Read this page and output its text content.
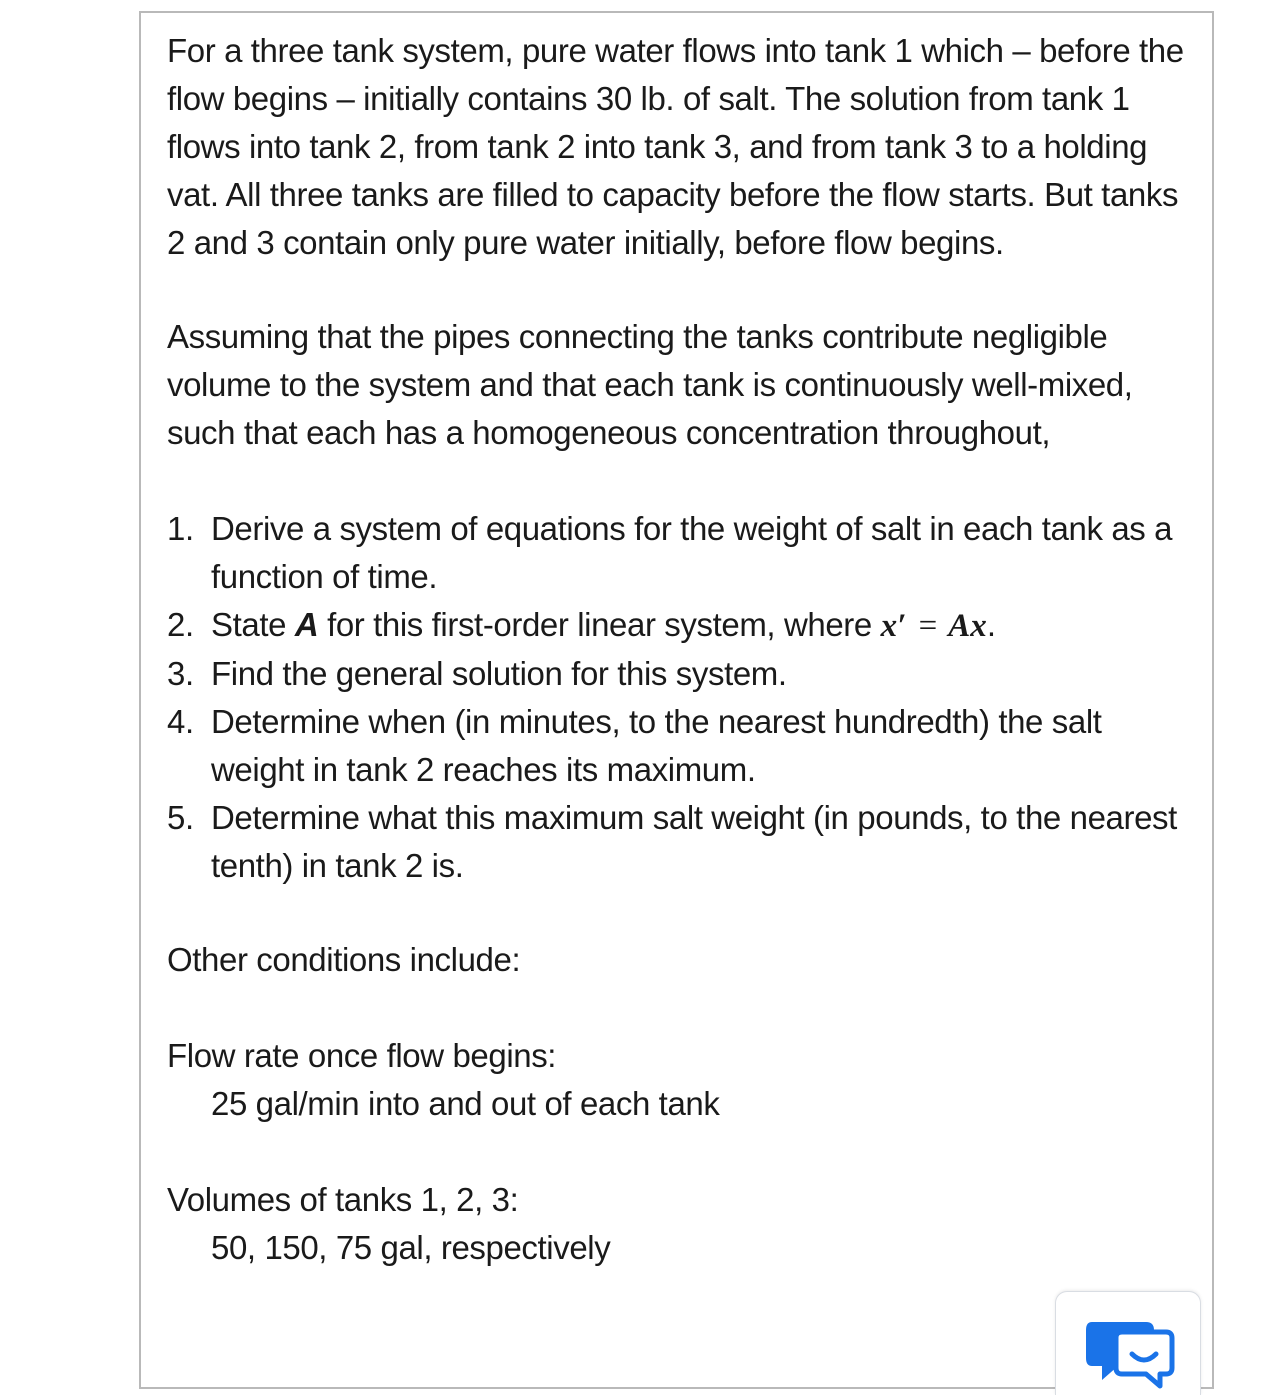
For a three tank system, pure water flows into tank 1 which – before the flow begins – initially contains 30 lb. of salt. The solution from tank 1 flows into tank 2, from tank 2 into tank 3, and from tank 3 to a holding vat. All three tanks are filled to capacity before the flow starts. But tanks 2 and 3 contain only pure water initially, before flow begins.

Assuming that the pipes connecting the tanks contribute negligible volume to the system and that each tank is continuously well-mixed, such that each has a homogeneous concentration throughout,

1. Derive a system of equations for the weight of salt in each tank as a function of time.
2. State A for this first-order linear system, where x′ = Ax.
3. Find the general solution for this system.
4. Determine when (in minutes, to the nearest hundredth) the salt weight in tank 2 reaches its maximum.
5. Determine what this maximum salt weight (in pounds, to the nearest tenth) in tank 2 is.

Other conditions include:

Flow rate once flow begins:

25 gal/min into and out of each tank

Volumes of tanks 1, 2, 3:

50, 150, 75 gal, respectively
